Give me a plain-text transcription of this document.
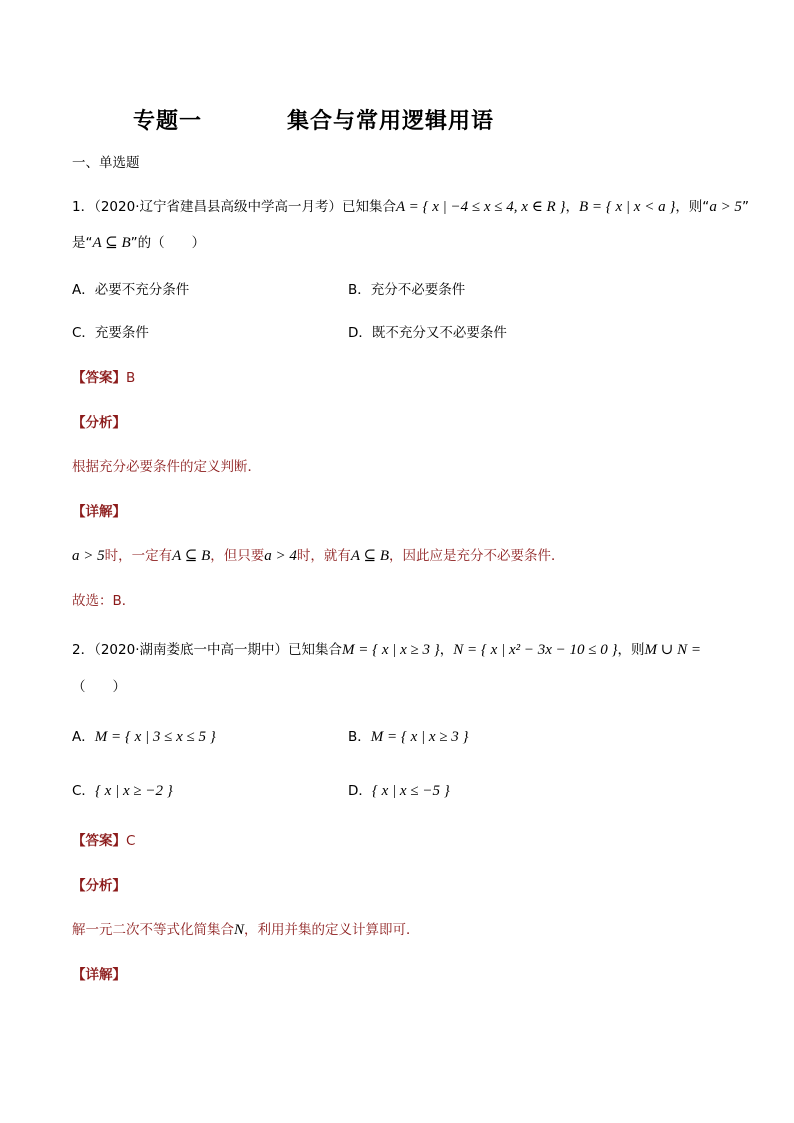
专题一	集合与常用逻辑用语
一、单选题
1．（2020·辽宁省建昌县高级中学高一月考）已知集合A = { x | −4 ≤ x ≤ 4, x ∈ R }，B = { x | x < a }，则“a > 5”
是“A ⊆ B”的（　　）
A．必要不充分条件	B．充分不必要条件
C．充要条件	D．既不充分又不必要条件
【答案】B
【分析】
根据充分必要条件的定义判断．
【详解】
a > 5时，一定有A ⊆ B，但只要a > 4时，就有A ⊆ B，因此应是充分不必要条件．
故选：B．
2．（2020·湖南娄底一中高一期中）已知集合M = { x | x ≥ 3 }，N = { x | x² − 3x − 10 ≤ 0 }，则M ∪ N =
（　　）
A．M = { x | 3 ≤ x ≤ 5 }	B．M = { x | x ≥ 3 }
C．{ x | x ≥ −2 }	D．{ x | x ≤ −5 }
【答案】C
【分析】
解一元二次不等式化简集合N，利用并集的定义计算即可．
【详解】
